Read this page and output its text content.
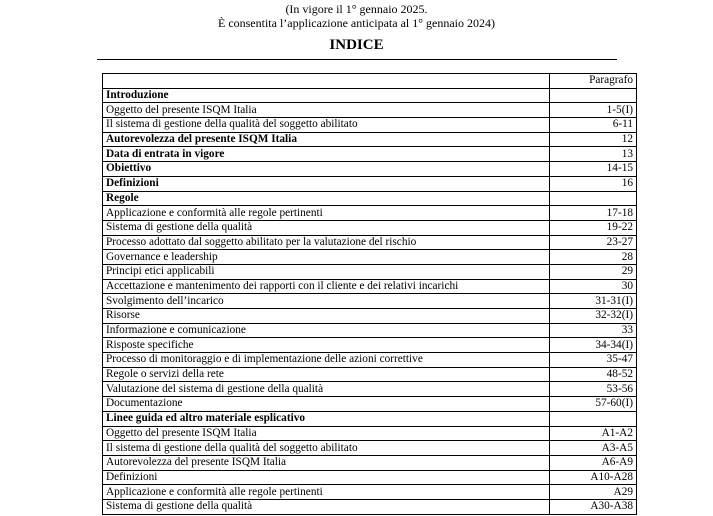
(In vigore il 1° gennaio 2025.
È consentita l’applicazione anticipata al 1° gennaio 2024)
INDICE
	Paragrafo
Introduzione	
Oggetto del presente ISQM Italia	1-5(I)
Il sistema di gestione della qualità del soggetto abilitato	6-11
Autorevolezza del presente ISQM Italia	12
Data di entrata in vigore	13
Obiettivo	14-15
Definizioni	16
Regole	
Applicazione e conformità alle regole pertinenti	17-18
Sistema di gestione della qualità	19-22
Processo adottato dal soggetto abilitato per la valutazione del rischio	23-27
Governance e leadership	28
Principi etici applicabili	29
Accettazione e mantenimento dei rapporti con il cliente e dei relativi incarichi	30
Svolgimento dell’incarico	31-31(I)
Risorse	32-32(I)
Informazione e comunicazione	33
Risposte specifiche	34-34(I)
Processo di monitoraggio e di implementazione delle azioni correttive	35-47
Regole o servizi della rete	48-52
Valutazione del sistema di gestione della qualità	53-56
Documentazione	57-60(I)
Linee guida ed altro materiale esplicativo	
Oggetto del presente ISQM Italia	A1-A2
Il sistema di gestione della qualità del soggetto abilitato	A3-A5
Autorevolezza del presente ISQM Italia	A6-A9
Definizioni	A10-A28
Applicazione e conformità alle regole pertinenti	A29
Sistema di gestione della qualità	A30-A38
